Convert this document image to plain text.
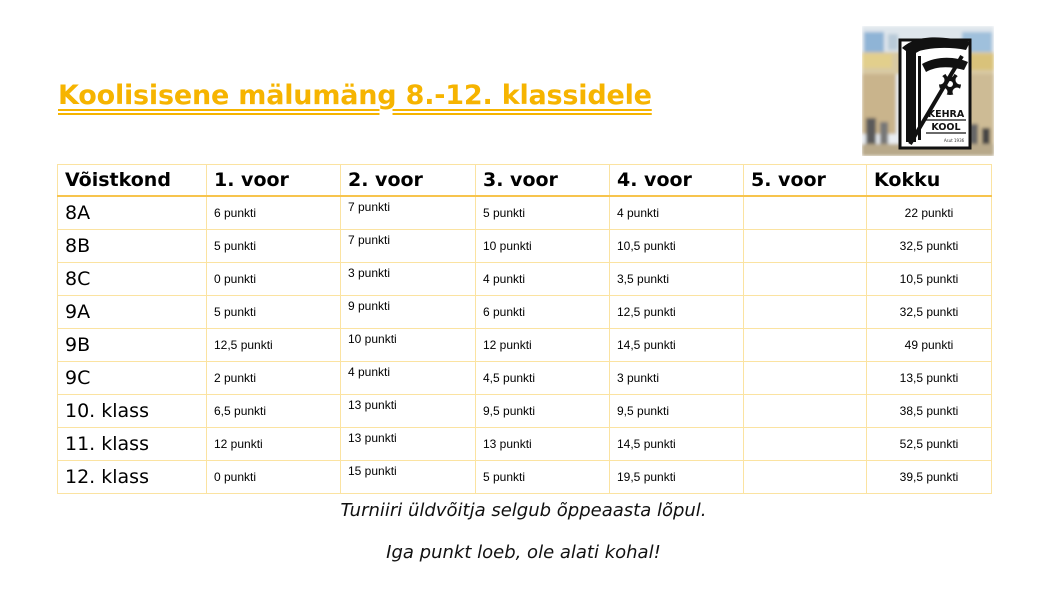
Koolisisene mälumäng 8.-12. klassidele
KEHRA
KOOL
Asut 1936
Võistkond	1. voor	2. voor	3. voor	4. voor	5. voor	Kokku
8A	6 punkti	7 punkti	5 punkti	4 punkti		22 punkti
8B	5 punkti	7 punkti	10 punkti	10,5 punkti		32,5 punkti
8C	0 punkti	3 punkti	4 punkti	3,5 punkti		10,5 punkti
9A	5 punkti	9 punkti	6 punkti	12,5 punkti		32,5 punkti
9B	12,5 punkti	10 punkti	12 punkti	14,5 punkti		49 punkti
9C	2 punkti	4 punkti	4,5 punkti	3 punkti		13,5 punkti
10. klass	6,5 punkti	13 punkti	9,5 punkti	9,5 punkti		38,5 punkti
11. klass	12 punkti	13 punkti	13 punkti	14,5 punkti		52,5 punkti
12. klass	0 punkti	15 punkti	5 punkti	19,5 punkti		39,5 punkti

Turniiri üldvõitja selgub õppeaasta lõpul.

Iga punkt loeb, ole alati kohal!
